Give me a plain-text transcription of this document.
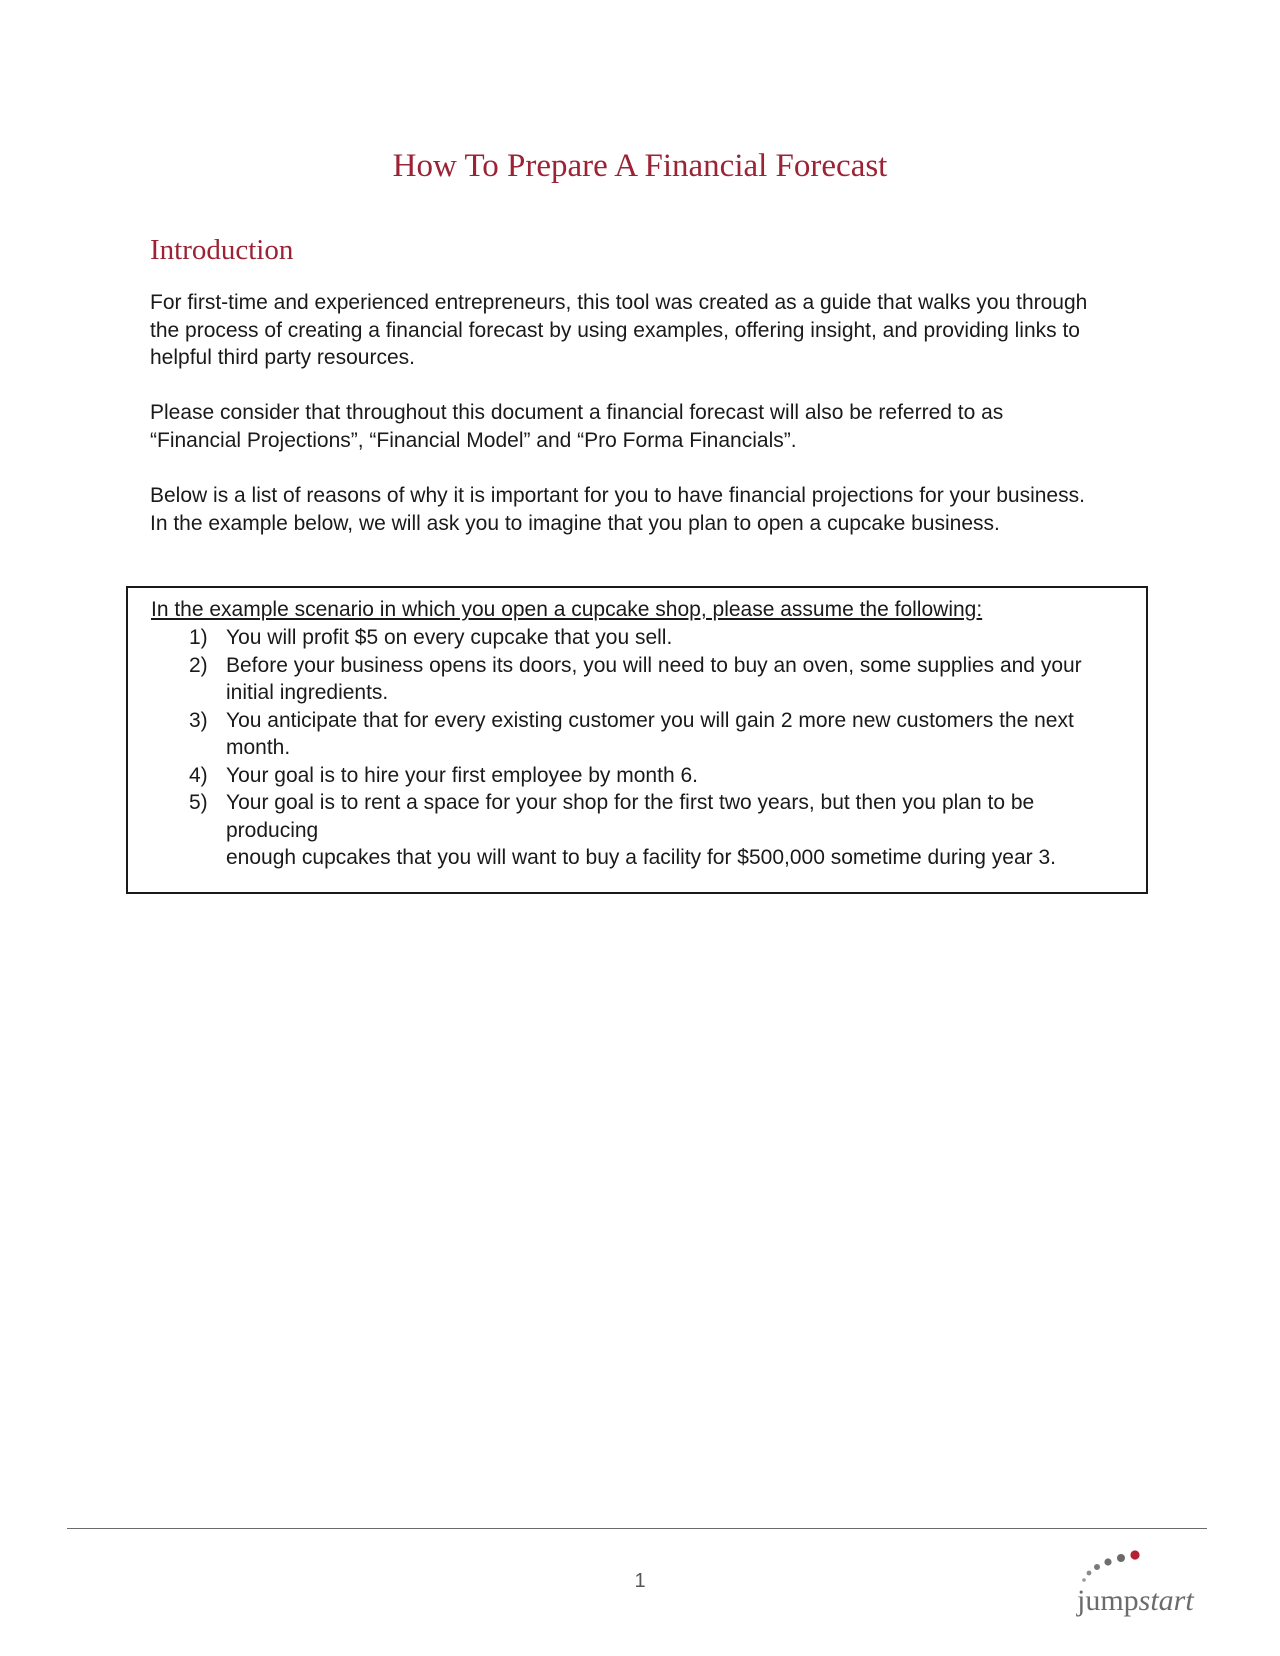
How To Prepare A Financial Forecast
Introduction

For first-time and experienced entrepreneurs, this tool was created as a guide that walks you through the process of creating a financial forecast by using examples, offering insight, and providing links to helpful third party resources.

Please consider that throughout this document a financial forecast will also be referred to as “Financial Projections”, “Financial Model” and “Pro Forma Financials”.

Below is a list of reasons of why it is important for you to have financial projections for your business. In the example below, we will ask you to imagine that you plan to open a cupcake business.

In the example scenario in which you open a cupcake shop, please assume the following:

1) You will profit $5 on every cupcake that you sell.
2) Before your business opens its doors, you will need to buy an oven, some supplies and your initial ingredients.
3) You anticipate that for every existing customer you will gain 2 more new customers the next month.
4) Your goal is to hire your first employee by month 6.
5) Your goal is to rent a space for your shop for the first two years, but then you plan to be producing
enough cupcakes that you will want to buy a facility for $500,000 sometime during year 3.
1
jumpstart
